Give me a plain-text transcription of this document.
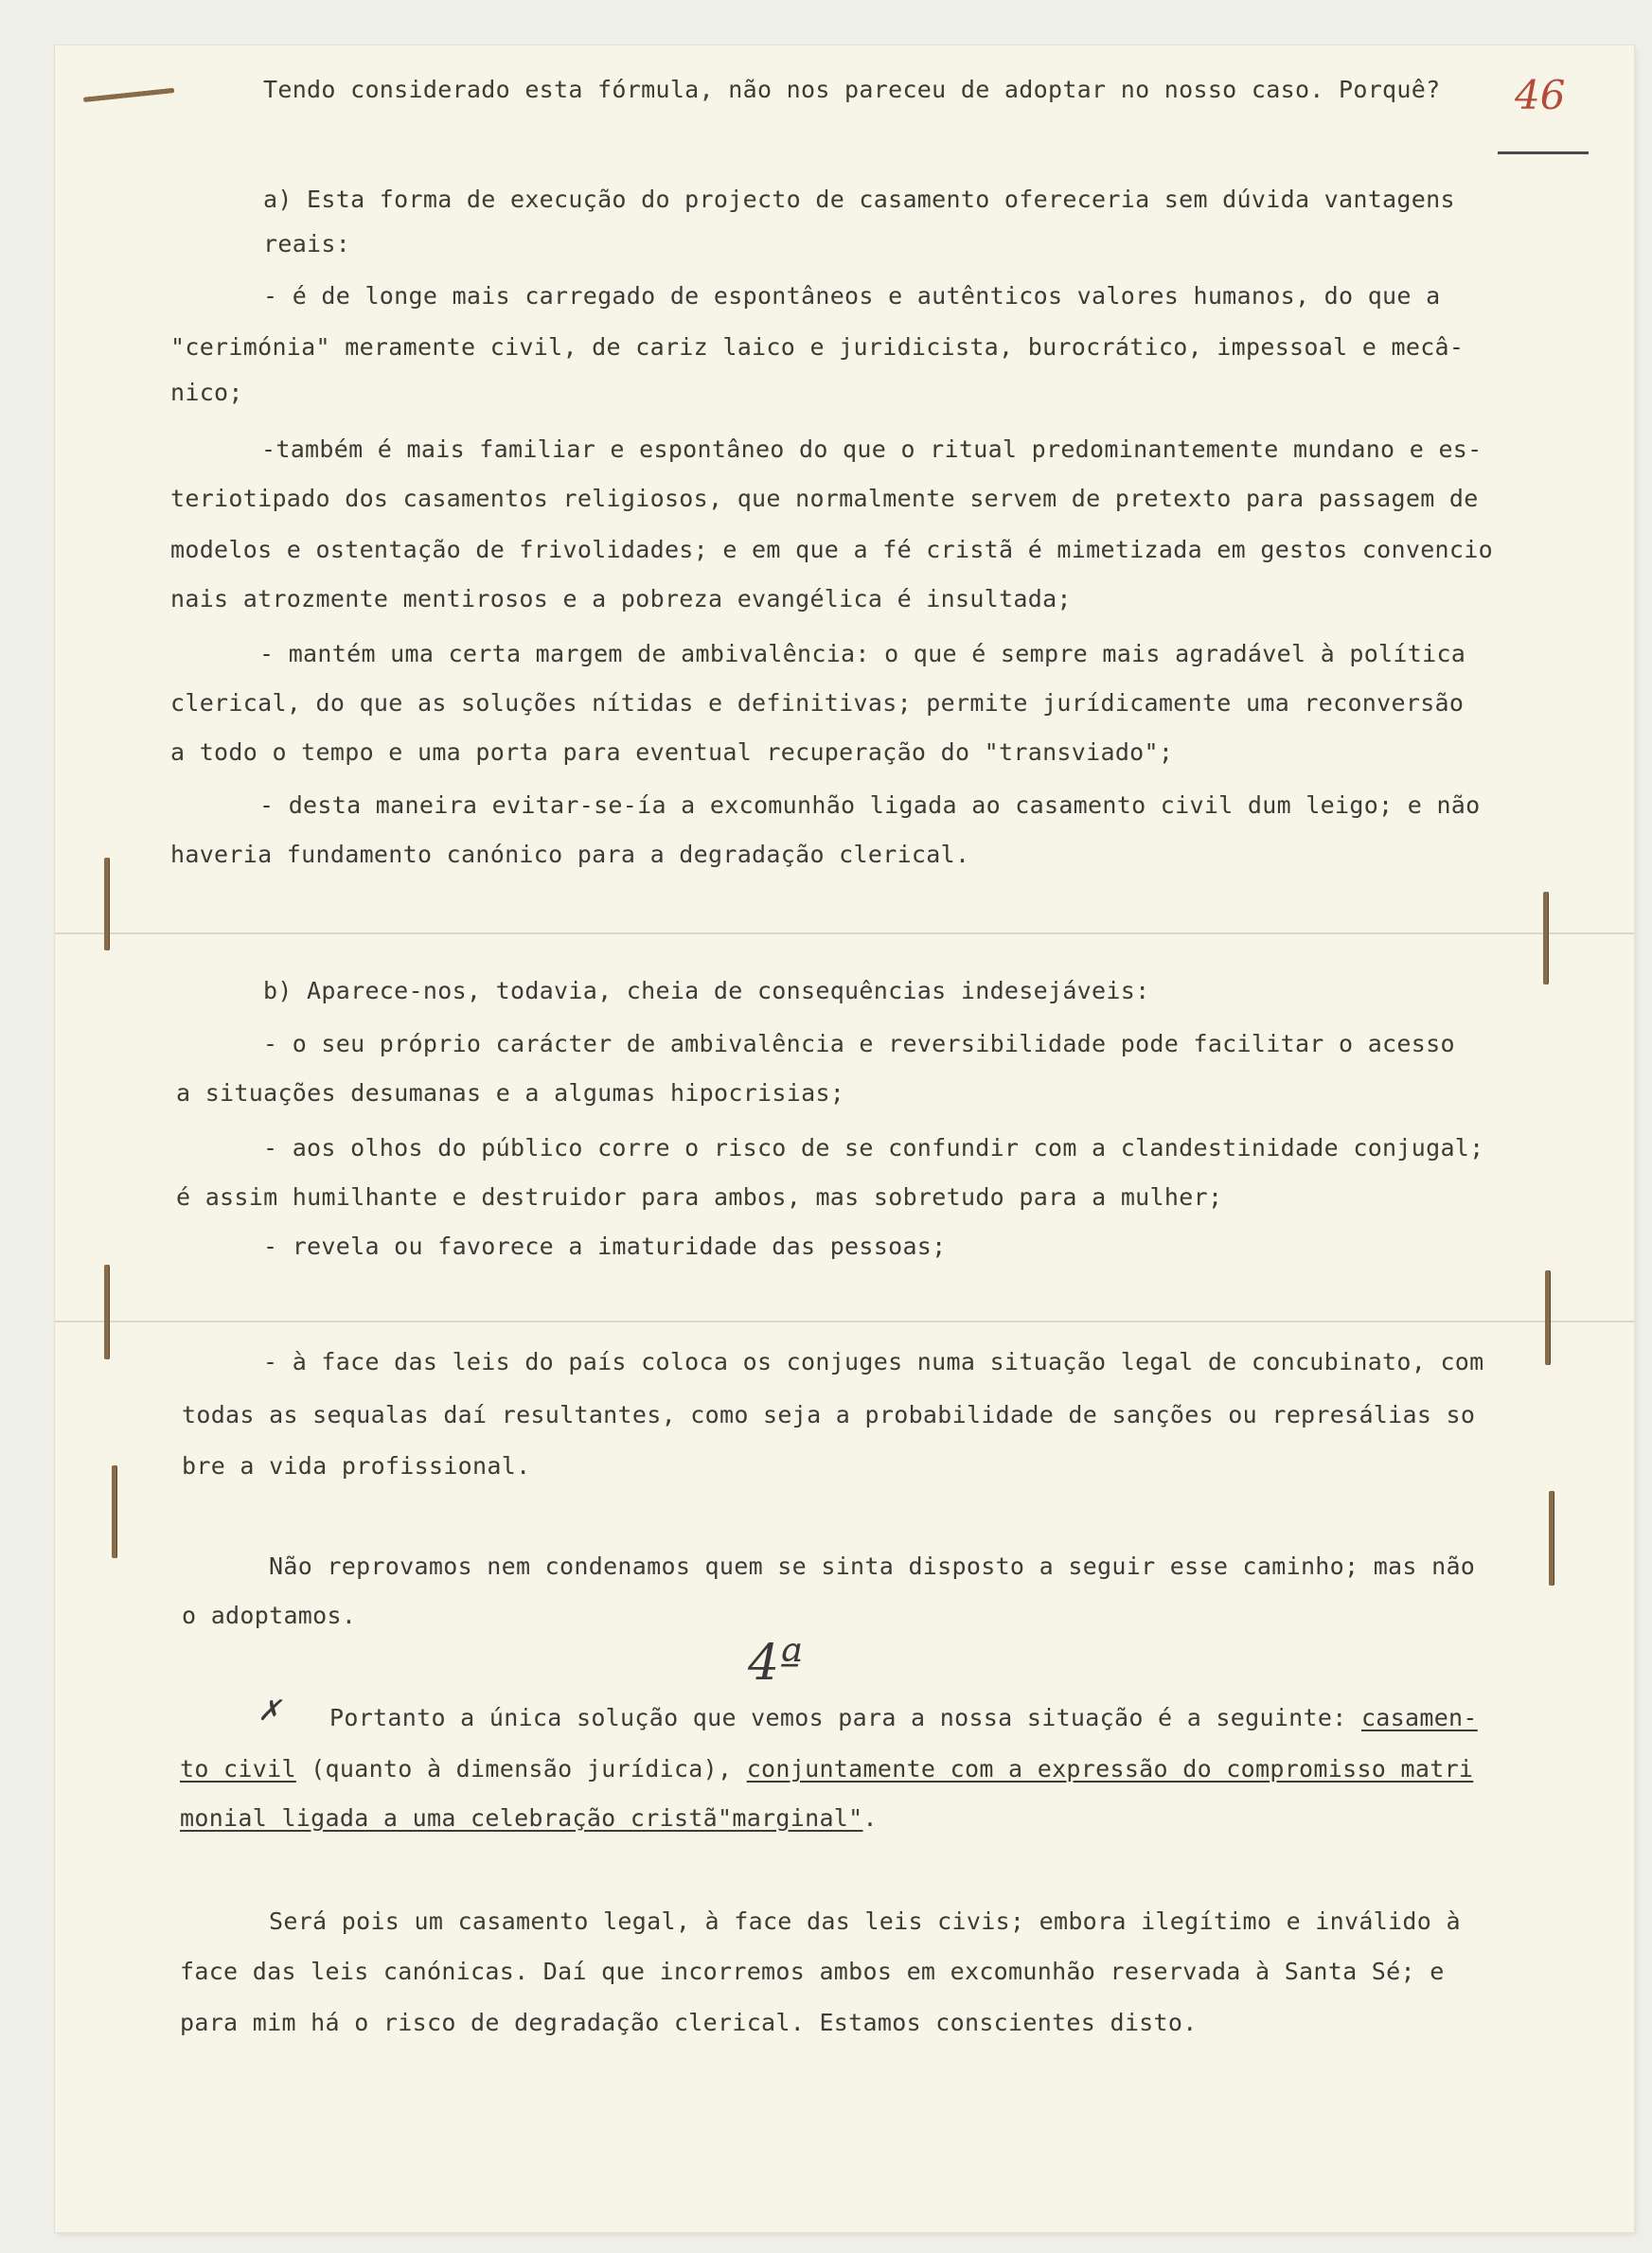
46
Tendo considerado esta fórmula, não nos pareceu de adoptar no nosso caso. Porquê?
a) Esta forma de execução do projecto de casamento ofereceria sem dúvida vantagens
reais:
- é de longe mais carregado de espontâneos e autênticos valores humanos, do que a
"cerimónia" meramente civil, de cariz laico e juridicista, burocrático, impessoal e mecâ-
nico;
-também é mais familiar e espontâneo do que o ritual predominantemente mundano e es-
teriotipado dos casamentos religiosos, que normalmente servem de pretexto para passagem de
modelos e ostentação de frivolidades; e em que a fé cristã é mimetizada em gestos convencio
nais atrozmente mentirosos e a pobreza evangélica é insultada;
- mantém uma certa margem de ambivalência: o que é sempre mais agradável à política
clerical, do que as soluções nítidas e definitivas; permite jurídicamente uma reconversão
a todo o tempo e uma porta para eventual recuperação do "transviado";
- desta maneira evitar-se-ía a excomunhão ligada ao casamento civil dum leigo; e não
haveria fundamento canónico para a degradação clerical.
b) Aparece-nos, todavia, cheia de consequências indesejáveis:
- o seu próprio carácter de ambivalência e reversibilidade pode facilitar o acesso
a situações desumanas e a algumas hipocrisias;
- aos olhos do público corre o risco de se confundir com a clandestinidade conjugal;
é assim humilhante e destruidor para ambos, mas sobretudo para a mulher;
- revela ou favorece a imaturidade das pessoas;
- à face das leis do país coloca os conjuges numa situação legal de concubinato, com
todas as sequalas daí resultantes, como seja a probabilidade de sanções ou represálias so
bre a vida profissional.
Não reprovamos nem condenamos quem se sinta disposto a seguir esse caminho; mas não
o adoptamos.
4ª
✗ Portanto a única solução que vemos para a nossa situação é a seguinte: casamen-
to civil (quanto à dimensão jurídica), conjuntamente com a expressão do compromisso matri
monial ligada a uma celebração cristã"marginal".
Será pois um casamento legal, à face das leis civis; embora ilegítimo e inválido à
face das leis canónicas. Daí que incorremos ambos em excomunhão reservada à Santa Sé; e
para mim há o risco de degradação clerical. Estamos conscientes disto.
